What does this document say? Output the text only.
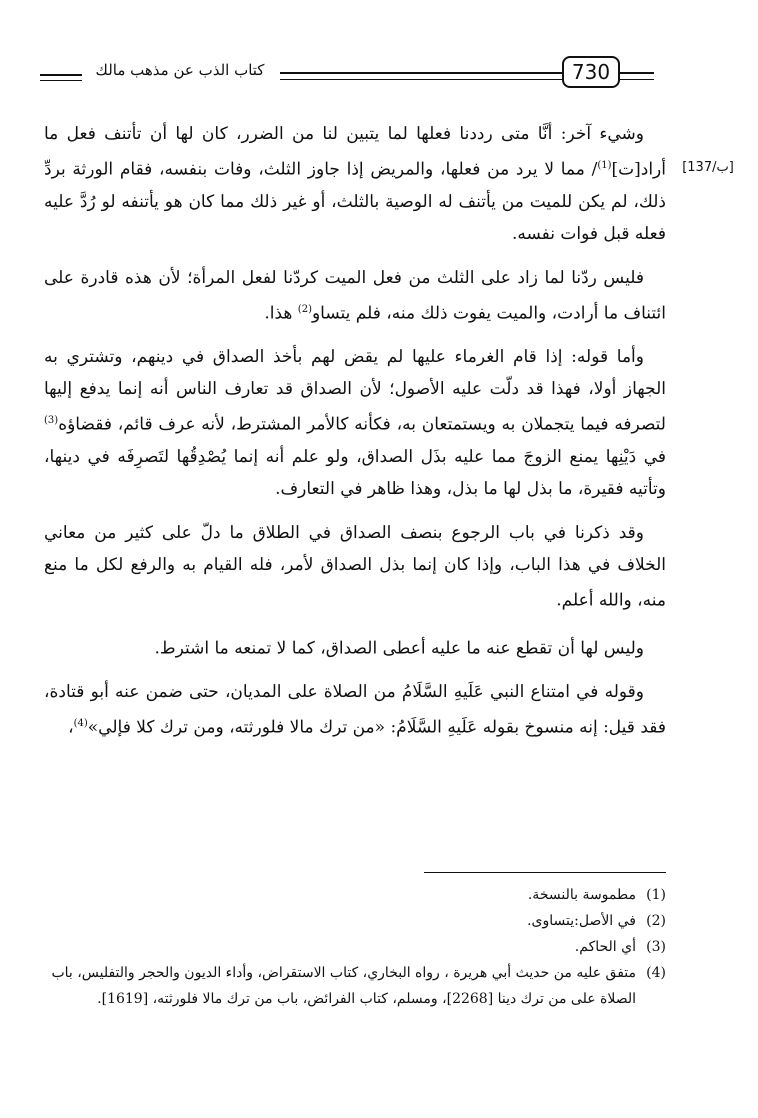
كتاب الذب عن مذهب مالك	730
[137/ب]

وشيء آخر: أنَّا متى رددنا فعلها لما يتبين لنا من الضرر، كان لها أن تأتنف فعل ما أراد[ت]$^{(1)}$/ مما لا يرد من فعلها، والمريض إذا جاوز الثلث، وفات بنفسه، فقام الورثة بردِّ ذلك، لم يكن للميت من يأتنف له الوصية بالثلث، أو غير ذلك مما كان هو يأتنفه لو رُدَّ عليه فعله قبل فوات نفسه.

فليس ردّنا لما زاد على الثلث من فعل الميت كردّنا لفعل المرأة؛ لأن هذه قادرة على ائتناف ما أرادت، والميت يفوت ذلك منه، فلم يتساو$^{(2)}$ هذا.

وأما قوله: إذا قام الغرماء عليها لم يقض لهم بأخذ الصداق في دينهم، وتشتري به الجهاز أولا، فهذا قد دلّت عليه الأصول؛ لأن الصداق قد تعارف الناس أنه إنما يدفع إليها لتصرفه فيما يتجملان به ويستمتعان به، فكأنه كالأمر المشترط، لأنه عرف قائم، فقضاؤه$^{(3)}$ في دَيْنِها يمنع الزوجَ مما عليه بذَل الصداق، ولو علم أنه إنما يُصْدِقُها لتَصرِفَه في دينها، وتأتيه فقيرة، ما بذل لها ما بذل، وهذا ظاهر في التعارف.

وقد ذكرنا في باب الرجوع بنصف الصداق في الطلاق ما دلّ على كثير من معاني الخلاف في هذا الباب، وإذا كان إنما بذل الصداق لأمر، فله القيام به والرفع لكل ما منع منه، والله أعلم.

وليس لها أن تقطع عنه ما عليه أعطى الصداق، كما لا تمنعه ما اشترط.

وقوله في امتناع النبي عَلَيهِ السَّلَامُ من الصلاة على المديان، حتى ضمن عنه أبو قتادة، فقد قيل: إنه منسوخ بقوله عَلَيهِ السَّلَامُ: «من ترك مالا فلورثته، ومن ترك كلا فإلي»$^{(4)}$،

(1)
مطموسة بالنسخة.
(2)
في الأصل:يتساوى.
(3)
أي الحاكم.
(4)
متفق عليه من حديث أبي هريرة ، رواه البخاري، كتاب الاستقراض، وأداء الديون والحجر والتفليس، باب الصلاة على من ترك دينا [2268]، ومسلم، كتاب الفرائض، باب من ترك مالا فلورثته، [1619].
